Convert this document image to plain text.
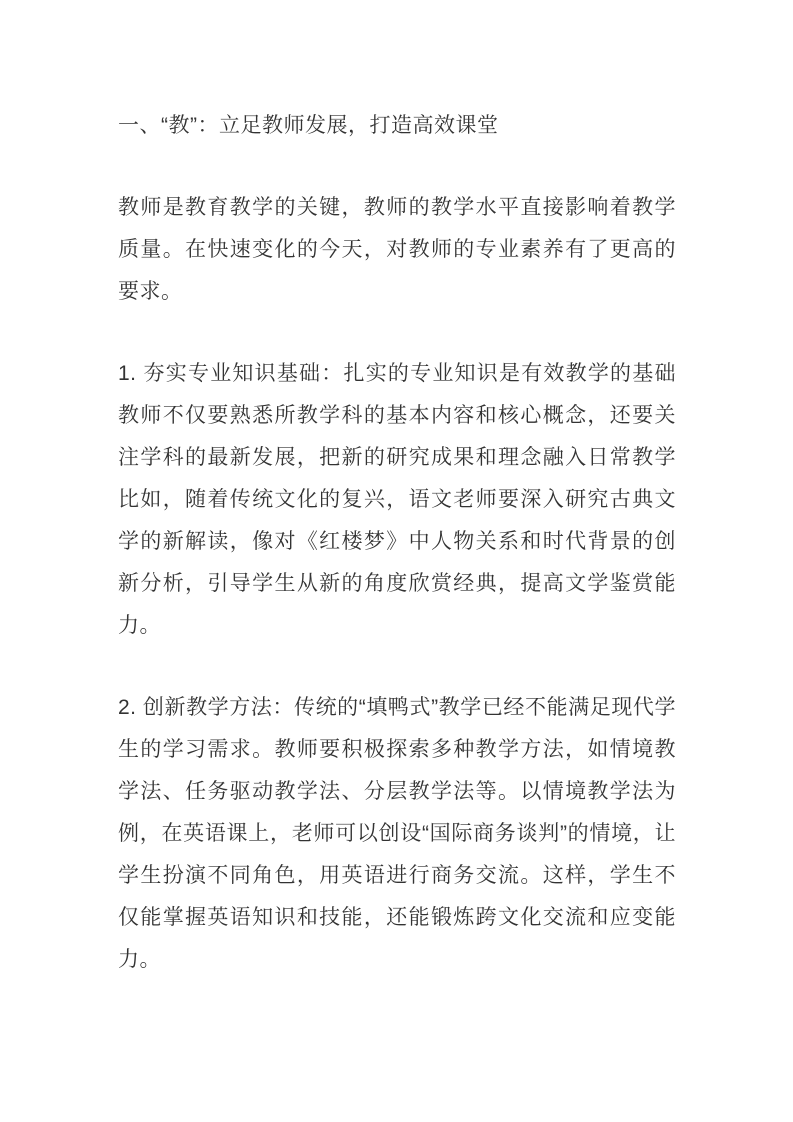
一、“教”：立足教师发展，打造高效课堂

教师是教育教学的关键，教师的教学水平直接影响着教学质量。在快速变化的今天，对教师的专业素养有了更高的要求。

1. 夯实专业知识基础：扎实的专业知识是有效教学的基础教师不仅要熟悉所教学科的基本内容和核心概念，还要关注学科的最新发展，把新的研究成果和理念融入日常教学比如，随着传统文化的复兴，语文老师要深入研究古典文学的新解读，像对《红楼梦》中人物关系和时代背景的创新分析，引导学生从新的角度欣赏经典，提高文学鉴赏能力。

2. 创新教学方法：传统的“填鸭式”教学已经不能满足现代学生的学习需求。教师要积极探索多种教学方法，如情境教学法、任务驱动教学法、分层教学法等。以情境教学法为例，在英语课上，老师可以创设“国际商务谈判”的情境，让学生扮演不同角色，用英语进行商务交流。这样，学生不仅能掌握英语知识和技能，还能锻炼跨文化交流和应变能力。
